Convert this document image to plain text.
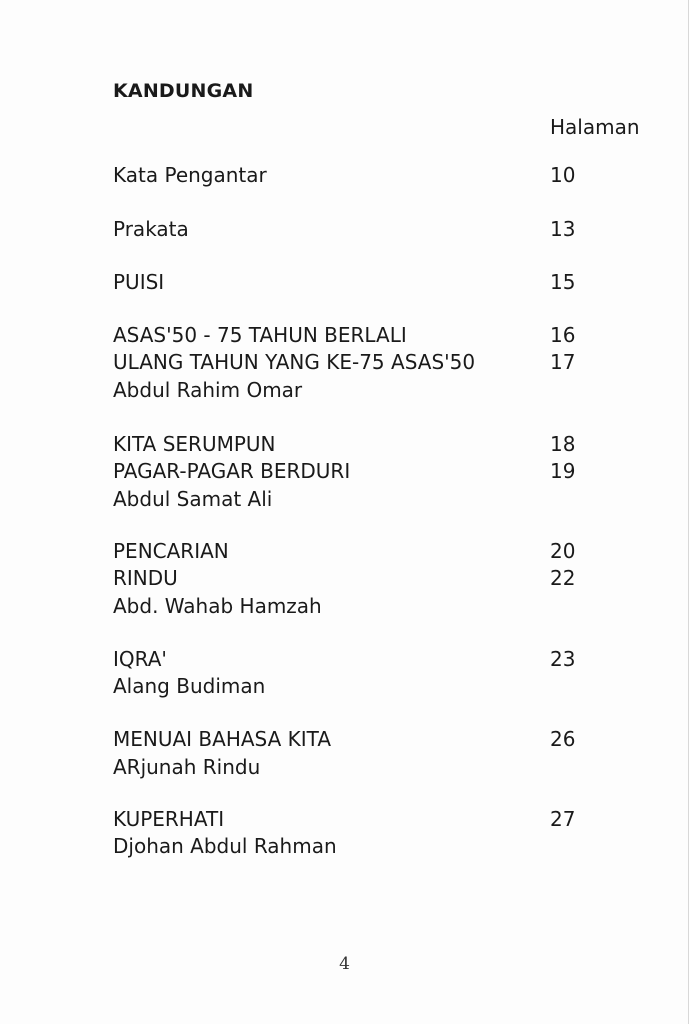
KANDUNGAN
Halaman
Kata Pengantar	10
Prakata	13
PUISI	15
ASAS'50 - 75 TAHUN BERLALI	16
ULANG TAHUN YANG KE-75 ASAS'50	17
Abdul Rahim Omar
KITA SERUMPUN	18
PAGAR-PAGAR BERDURI	19
Abdul Samat Ali
PENCARIAN	20
RINDU	22
Abd. Wahab Hamzah
IQRA'	23
Alang Budiman
MENUAI BAHASA KITA	26
ARjunah Rindu
KUPERHATI	27
Djohan Abdul Rahman
4
